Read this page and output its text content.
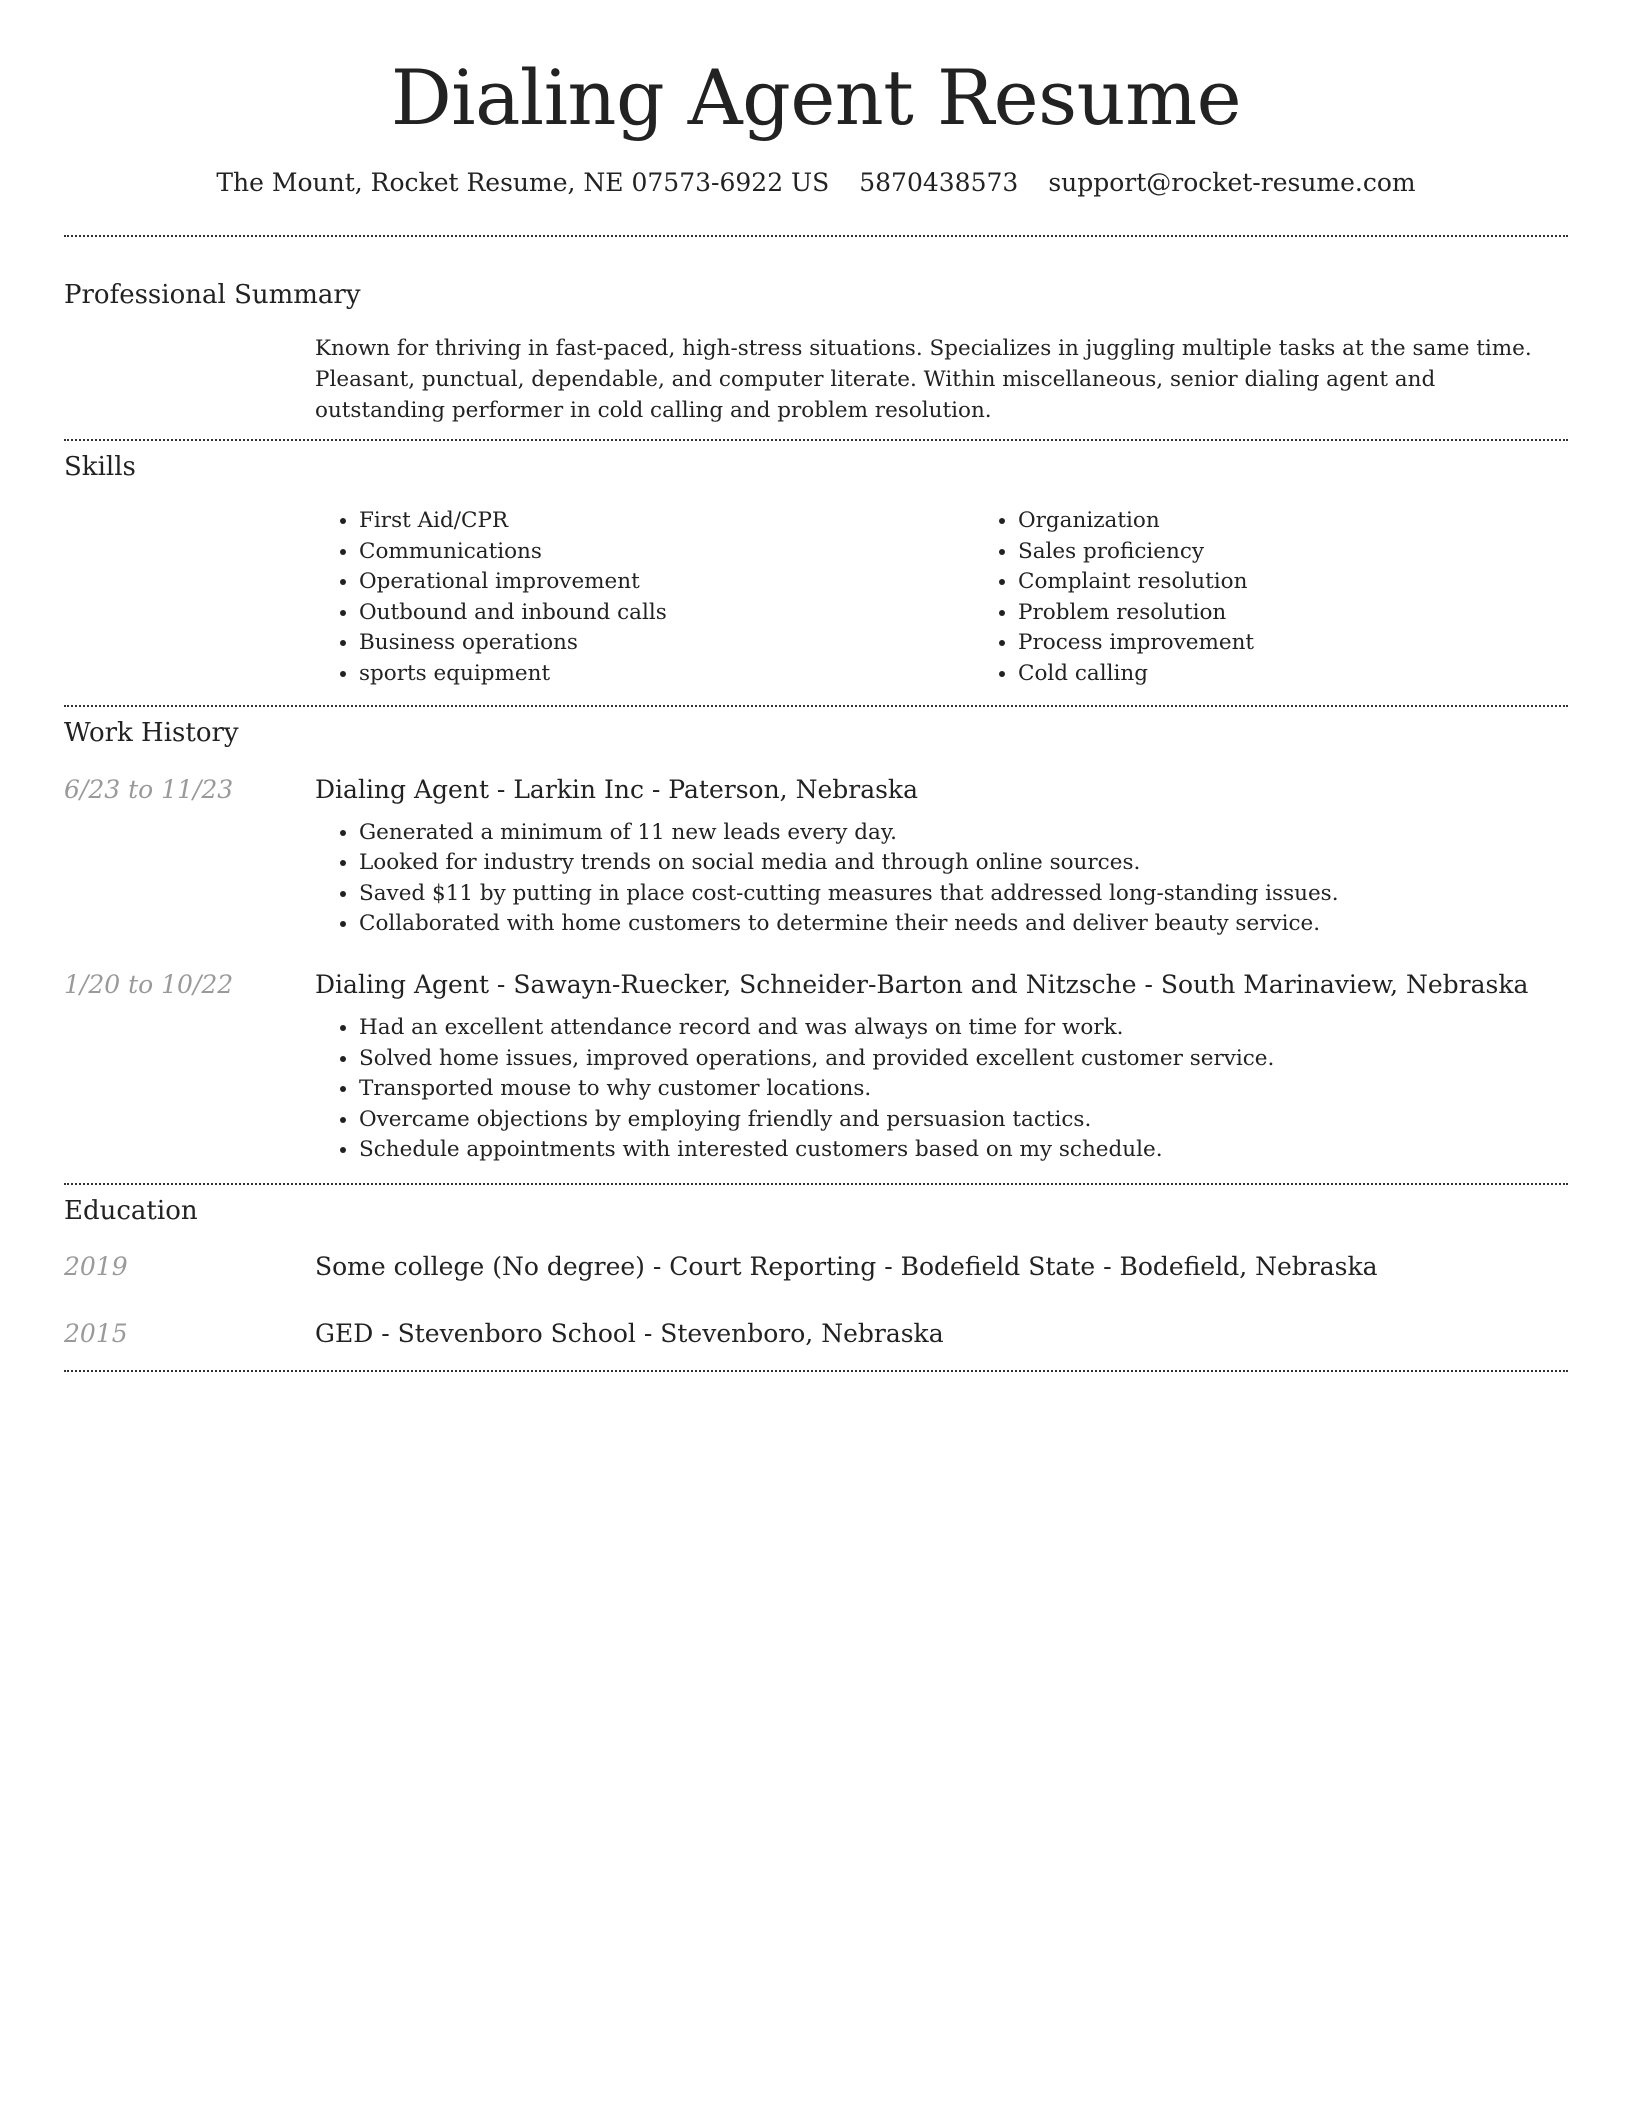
Dialing Agent Resume
The Mount, Rocket Resume, NE 07573-6922 US 5870438573 support@rocket-resume.com
Professional Summary

Known for thriving in fast-paced, high-stress situations. Specializes in juggling multiple tasks at the same time. Pleasant, punctual, dependable, and computer literate. Within miscellaneous, senior dialing agent and outstanding performer in cold calling and problem resolution.

Skills
• First Aid/CPR
• Communications
• Operational improvement
• Outbound and inbound calls
• Business operations
• sports equipment
• Organization
• Sales proficiency
• Complaint resolution
• Problem resolution
• Process improvement
• Cold calling
Work History
6/23 to 11/23	Dialing Agent - Larkin Inc - Paterson, Nebraska

• Generated a minimum of 11 new leads every day.
• Looked for industry trends on social media and through online sources.
• Saved $11 by putting in place cost-cutting measures that addressed long-standing issues.
• Collaborated with home customers to determine their needs and deliver beauty service.
1/20 to 10/22	Dialing Agent - Sawayn-Ruecker, Schneider-Barton and Nitzsche - South Marinaview, Nebraska

• Had an excellent attendance record and was always on time for work.
• Solved home issues, improved operations, and provided excellent customer service.
• Transported mouse to why customer locations.
• Overcame objections by employing friendly and persuasion tactics.
• Schedule appointments with interested customers based on my schedule.
Education
2019	Some college (No degree) - Court Reporting - Bodefield State - Bodefield, Nebraska

2015	GED - Stevenboro School - Stevenboro, Nebraska
